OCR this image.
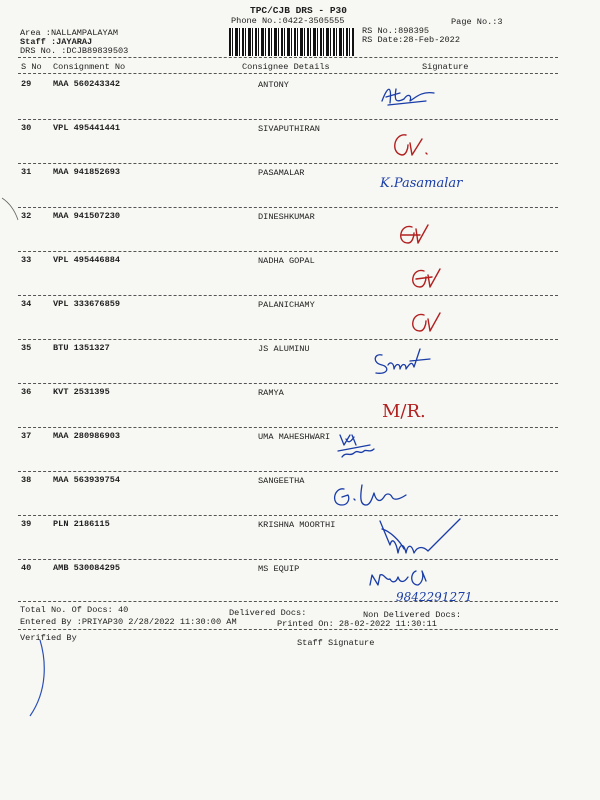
TPC/CJB DRS - P30
Phone No.:0422-3505555
RS No.:898395
RS Date:28-Feb-2022
Page No.:3
Area :NALLAMPALAYAM
Staff :JAYARAJ
DRS No. :DCJB89839503
S No Consignment No	Consignee Details	Signature
29	MAA 560243342	ANTONY
30	VPL 495441441	SIVAPUTHIRAN
31	MAA 941852693	PASAMALAR
K.Pasamalar
32	MAA 941507230	DINESHKUMAR
33	VPL 495446884	NADHA GOPAL
34	VPL 333676859	PALANICHAMY
35	BTU 1351327	JS ALUMINU
36	KVT 2531395	RAMYA
M/R.
37	MAA 280986903	UMA MAHESHWARI
38	MAA 563939754	SANGEETHA
39	PLN 2186115	KRISHNA MOORTHI
40	AMB 530084295	MS EQUIP
9842291271
Total No. Of Docs: 40	Delivered Docs:	Non Delivered Docs:
Entered By :PRIYAP30 2/28/2022 11:30:00 AM	Printed On: 28-02-2022 11:30:11
Verified By	Staff Signature
